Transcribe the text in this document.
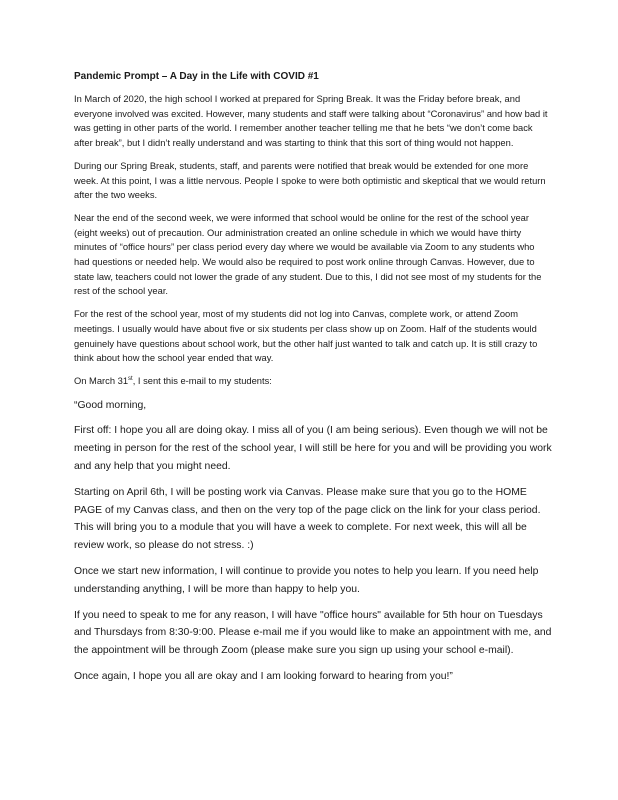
Pandemic Prompt – A Day in the Life with COVID #1

In March of 2020, the high school I worked at prepared for Spring Break. It was the Friday before break, and everyone involved was excited. However, many students and staff were talking about “Coronavirus” and how bad it was getting in other parts of the world. I remember another teacher telling me that he bets “we don’t come back after break”, but I didn’t really understand and was starting to think that this sort of thing would not happen.

During our Spring Break, students, staff, and parents were notified that break would be extended for one more week. At this point, I was a little nervous. People I spoke to were both optimistic and skeptical that we would return after the two weeks.

Near the end of the second week, we were informed that school would be online for the rest of the school year (eight weeks) out of precaution. Our administration created an online schedule in which we would have thirty minutes of “office hours” per class period every day where we would be available via Zoom to any students who had questions or needed help. We would also be required to post work online through Canvas. However, due to state law, teachers could not lower the grade of any student. Due to this, I did not see most of my students for the rest of the school year.

For the rest of the school year, most of my students did not log into Canvas, complete work, or attend Zoom meetings. I usually would have about five or six students per class show up on Zoom. Half of the students would genuinely have questions about school work, but the other half just wanted to talk and catch up. It is still crazy to think about how the school year ended that way.

On March 31st, I sent this e-mail to my students:

“Good morning,

First off: I hope you all are doing okay. I miss all of you (I am being serious). Even though we will not be meeting in person for the rest of the school year, I will still be here for you and will be providing you work and any help that you might need.

Starting on April 6th, I will be posting work via Canvas. Please make sure that you go to the HOME PAGE of my Canvas class, and then on the very top of the page click on the link for your class period. This will bring you to a module that you will have a week to complete. For next week, this will all be review work, so please do not stress. :)

Once we start new information, I will continue to provide you notes to help you learn. If you need help understanding anything, I will be more than happy to help you.

If you need to speak to me for any reason, I will have "office hours" available for 5th hour on Tuesdays and Thursdays from 8:30-9:00. Please e-mail me if you would like to make an appointment with me, and the appointment will be through Zoom (please make sure you sign up using your school e-mail).

Once again, I hope you all are okay and I am looking forward to hearing from you!”
